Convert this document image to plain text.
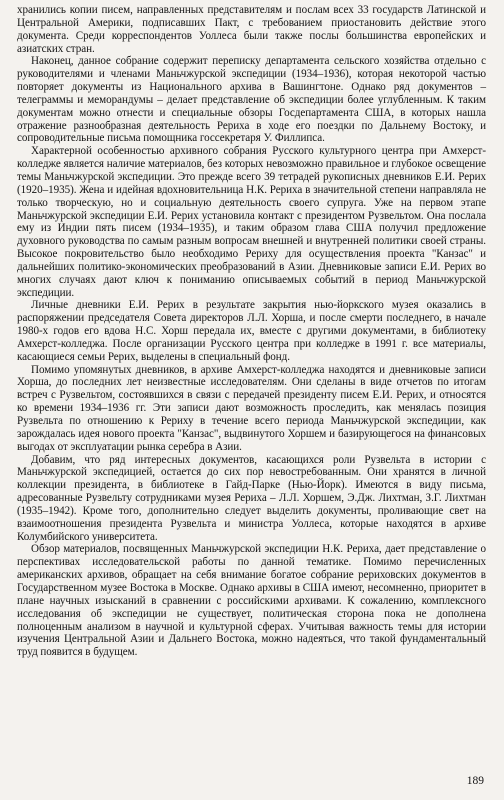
хранились копии писем, направленных представителям и послам всех 33 государств Латинской и Центральной Америки, подписавших Пакт, с требованием приостановить действие этого документа. Среди корреспондентов Уоллеса были также послы большинства европейских и азиатских стран.

Наконец, данное собрание содержит переписку департамента сельского хозяйства отдельно с руководителями и членами Маньчжурской экспедиции (1934–1936), которая некоторой частью повторяет документы из Национального архива в Вашингтоне. Однако ряд документов – телеграммы и меморандумы – делает представление об экспедиции более углубленным. К таким документам можно отнести и специальные обзоры Госдепартамента США, в которых нашла отражение разнообразная деятельность Рериха в ходе его поездки по Дальнему Востоку, и сопроводительные письма помощника госсекретаря У. Филлипса.

Характерной особенностью архивного собрания Русского культурного центра при Амхерст-колледже является наличие материалов, без которых невозможно правильное и глубокое освещение темы Маньчжурской экспедиции. Это прежде всего 39 тетрадей рукописных дневников Е.И. Рерих (1920–1935). Жена и идейная вдохновительница Н.К. Рериха в значительной степени направляла не только творческую, но и социальную деятельность своего супруга. Уже на первом этапе Маньчжурской экспедиции Е.И. Рерих установила контакт с президентом Рузвельтом. Она послала ему из Индии пять писем (1934–1935), и таким образом глава США получил предложение духовного руководства по самым разным вопросам внешней и внутренней политики своей страны. Высокое покровительство было необходимо Рериху для осуществления проекта "Канзас" и дальнейших политико-экономических преобразований в Азии. Дневниковые записи Е.И. Рерих во многих случаях дают ключ к пониманию описываемых событий в период Маньчжурской экспедиции.

Личные дневники Е.И. Рерих в результате закрытия нью-йоркского музея оказались в распоряжении председателя Совета директоров Л.Л. Хорша, и после смерти последнего, в начале 1980-х годов его вдова Н.С. Хорш передала их, вместе с другими документами, в библиотеку Амхерст-колледжа. После организации Русского центра при колледже в 1991 г. все материалы, касающиеся семьи Рерих, выделены в специальный фонд.

Помимо упомянутых дневников, в архиве Амхерст-колледжа находятся и дневниковые записи Хорша, до последних лет неизвестные исследователям. Они сделаны в виде отчетов по итогам встреч с Рузвельтом, состоявшихся в связи с передачей президенту писем Е.И. Рерих, и относятся ко времени 1934–1936 гг. Эти записи дают возможность проследить, как менялась позиция Рузвельта по отношению к Рериху в течение всего периода Маньчжурской экспедиции, как зарождалась идея нового проекта "Канзас", выдвинутого Хоршем и базирующегося на финансовых выгодах от эксплуатации рынка серебра в Азии.

Добавим, что ряд интересных документов, касающихся роли Рузвельта в истории с Маньчжурской экспедицией, остается до сих пор невостребованным. Они хранятся в личной коллекции президента, в библиотеке в Гайд-Парке (Нью-Йорк). Имеются в виду письма, адресованные Рузвельту сотрудниками музея Рериха – Л.Л. Хоршем, Э.Дж. Лихтман, З.Г. Лихтман (1935–1942). Кроме того, дополнительно следует выделить документы, проливающие свет на взаимоотношения президента Рузвельта и министра Уоллеса, которые находятся в архиве Колумбийского университета.

Обзор материалов, посвященных Маньчжурской экспедиции Н.К. Рериха, дает представление о перспективах исследовательской работы по данной тематике. Помимо перечисленных американских архивов, обращает на себя внимание богатое собрание рериховских документов в Государственном музее Востока в Москве. Однако архивы в США имеют, несомненно, приоритет в плане научных изысканий в сравнении с российскими архивами. К сожалению, комплексного исследования об экспедиции не существует, политическая сторона пока не дополнена полноценным анализом в научной и культурной сферах. Учитывая важность темы для истории изучения Центральной Азии и Дальнего Востока, можно надеяться, что такой фундаментальный труд появится в будущем.

189
